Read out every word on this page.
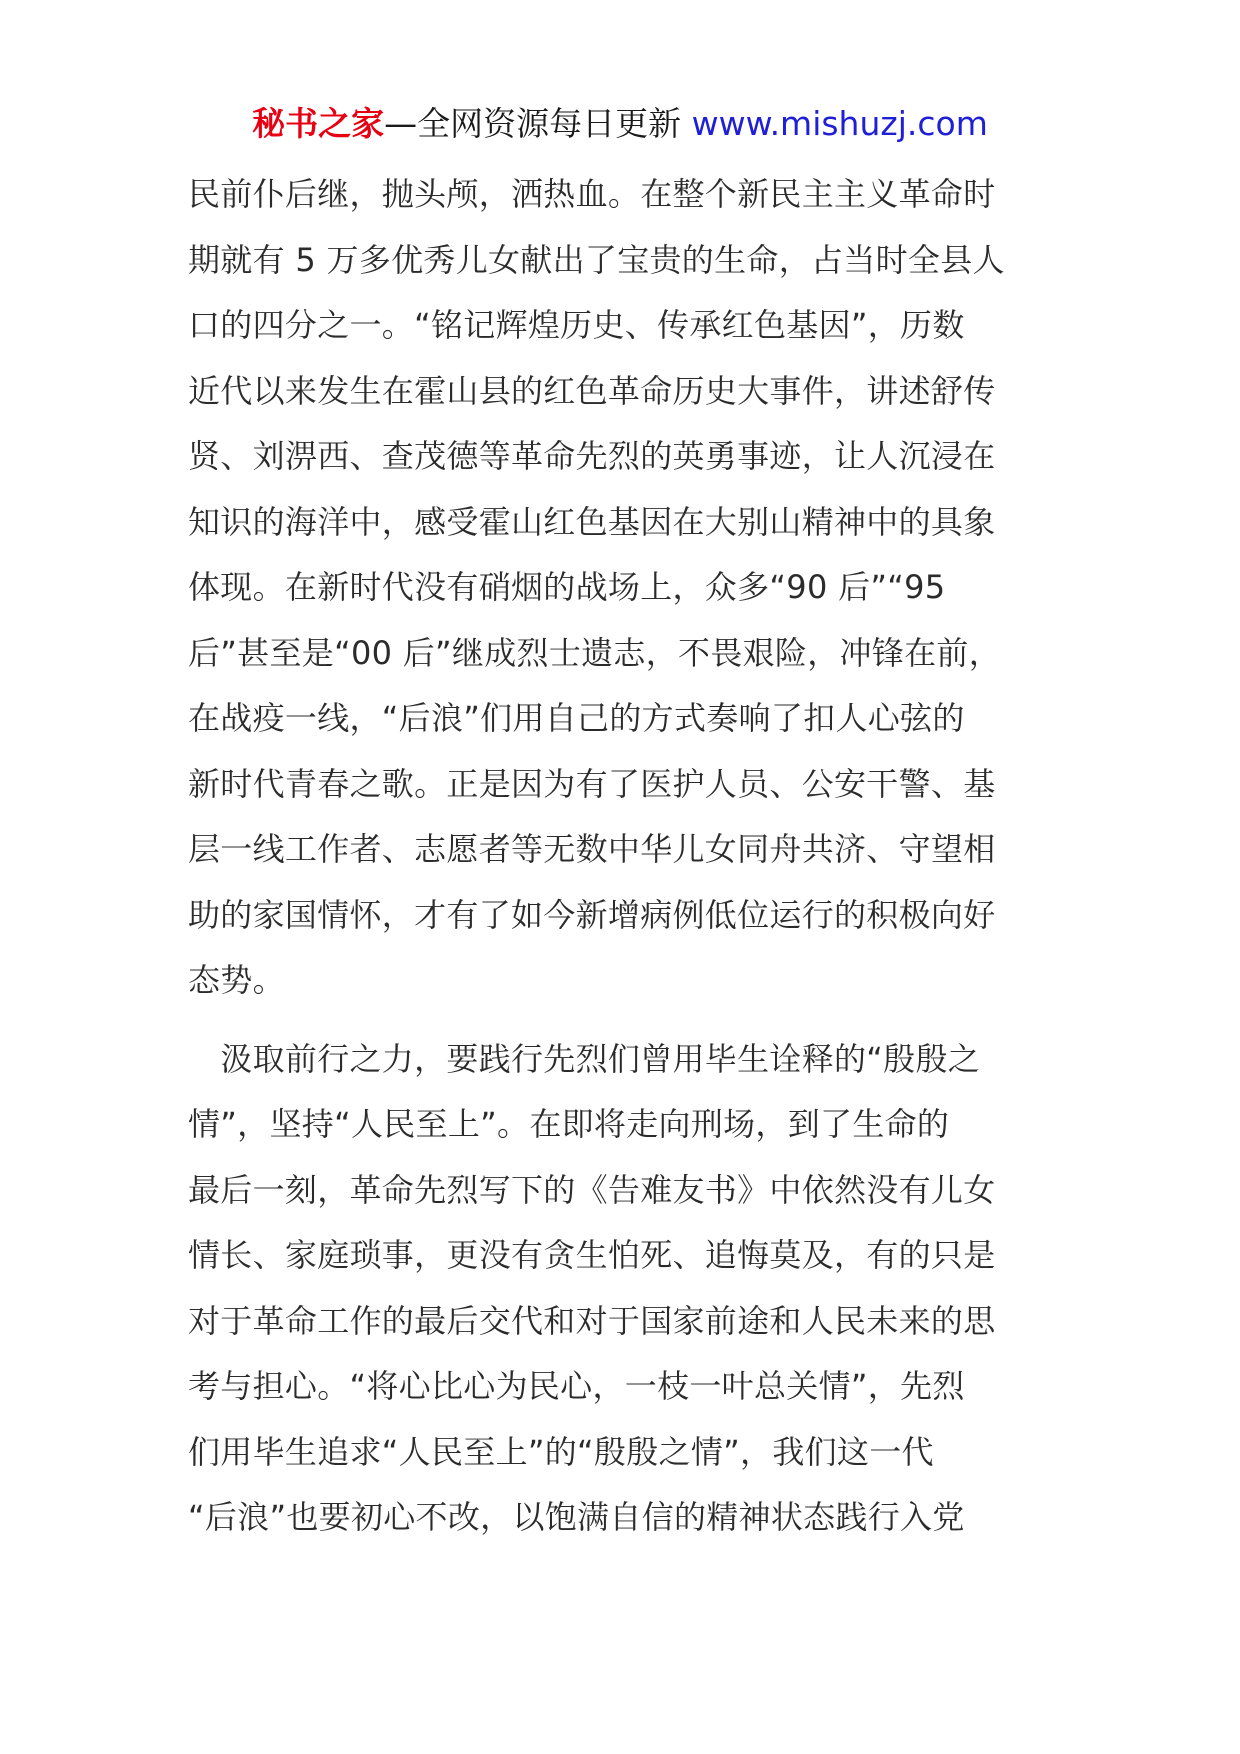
秘书之家—全网资源每日更新 www.mishuzj.com
民前仆后继，抛头颅，洒热血。在整个新民主主义革命时
期就有 5 万多优秀儿女献出了宝贵的生命，占当时全县人
口的四分之一。“铭记辉煌历史、传承红色基因”，历数
近代以来发生在霍山县的红色革命历史大事件，讲述舒传
贤、刘淠西、查茂德等革命先烈的英勇事迹，让人沉浸在
知识的海洋中，感受霍山红色基因在大别山精神中的具象
体现。在新时代没有硝烟的战场上，众多“90 后”“95
后”甚至是“00 后”继成烈士遗志，不畏艰险，冲锋在前，
在战疫一线，“后浪”们用自己的方式奏响了扣人心弦的
新时代青春之歌。正是因为有了医护人员、公安干警、基
层一线工作者、志愿者等无数中华儿女同舟共济、守望相
助的家国情怀，才有了如今新增病例低位运行的积极向好
态势。
　汲取前行之力，要践行先烈们曾用毕生诠释的“殷殷之
情”，坚持“人民至上”。在即将走向刑场，到了生命的
最后一刻，革命先烈写下的《告难友书》中依然没有儿女
情长、家庭琐事，更没有贪生怕死、追悔莫及，有的只是
对于革命工作的最后交代和对于国家前途和人民未来的思
考与担心。“将心比心为民心，一枝一叶总关情”，先烈
们用毕生追求“人民至上”的“殷殷之情”，我们这一代
“后浪”也要初心不改，以饱满自信的精神状态践行入党
